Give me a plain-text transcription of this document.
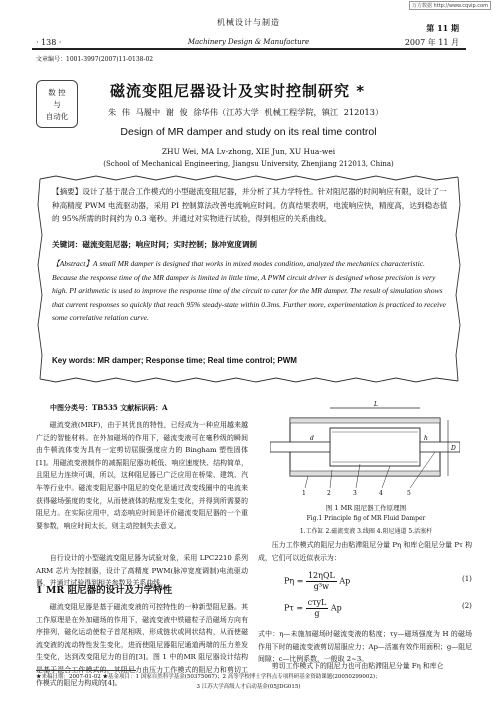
万方数据 http://www.cqvip.com
机械设计与制造
第 11 期
· 138 ·	Machinery Design & Manufacture	2007 年 11 月
文章编号：1001-3997(2007)11-0138-02
数 控
与
自动化
磁流变阻尼器设计及实时控制研究 *
朱 伟 马履中 谢 俊 徐华伟（江苏大学 机械工程学院，镇江 212013）
Design of MR damper and study on its real time control
ZHU Wei, MA Lv-zhong, XIE Jun, XU Hua-wei
(School of Mechanical Engineering, Jiangsu University, Zhenjiang 212013, China)
【摘要】设计了基于混合工作模式的小型磁流变阻尼器，并分析了其力学特性。针对阻尼器的时间响应有限，设计了一种高精度 PWM 电流驱动器，采用 PI 控制算法改善电流响应时间。仿真结果表明，电流响应快，精度高，达到稳态值的 95%所需的时间约为 0.3 毫秒。并通过对实物进行试验，得到相应的关系曲线。
关键词：磁流变阻尼器；响应时间；实时控制；脉冲宽度调制
【Abstract】A small MR damper is designed that works in mixed modes condition, analyzed the mechanics characteristic. Because the response time of the MR damper is limited in little time, A PWM circuit driver is designed whose precision is very high. PI arithmetic is used to improve the response time of the circuit to cater for the MR damper. The result of simulation shows that current responses so quickly that reach 95% steady-state within 0.3ms. Further more, experimentation is practiced to receive some correlative relation curve.
Key words: MR damper; Response time; Real time control; PWM
中图分类号：TB535 文献标识码：A
磁流变液(MRF)，由于其优良的特性，已经成为一种应用越来越广泛的智能材料。在外加磁场的作用下，磁流变液可在毫秒级的瞬间由牛顿流体变为具有一定剪切屈服强度应力的 Bingham 塑性固体[1]。用磁流变液制作的减振阻尼器功耗低、响应速度快、结构简单，且阻尼力连续可调，所以，这种阻尼器已广泛应用在桥梁、建筑、汽车等行业中。磁流变阻尼器中阻尼的变化是通过改变线圈中的电流来获得磁场强度的变化，从而使液体的粘度发生变化，并得到所需要的阻尼力。在实际应用中，动态响应时间是评价磁流变阻尼器的一个重要参数，响应时间太长，则主动控制失去意义。
自行设计的小型磁流变阻尼器为试验对象，采用 LPC2210 系列 ARM 芯片为控制器，设计了高精度 PWM(脉冲宽度调制)电流驱动器，并通过试验得到相关参数及关系曲线。
1 MR 阻尼器的设计及力学特性
磁流变阻尼器是基于磁流变液的可控特性的一种新型阻尼器。其工作原理是在外加磁场的作用下，磁流变液中铁磁粒子沿磁场方向有序排列，磁化运动使粒子首尾相吸，形成链状或网状结构，从而使磁流变液的流动特性发生变化，进而使阻尼器阻尼通道两端的压力差发生变化，达到改变阻尼力的目的[3]。图 1 中的MR 阻尼器设计结构是基于混合工作模式的，其阻尼力由压力工作模式的阻尼力和剪切工作模式的阻尼力构成的[4]。
L
D
h
d
1	2	3	4	5
图 1 MR 阻尼器工作原理图
Fig.1 Principle fig of MR Fluid Damper
1.工作缸 2.磁流变液 3.线圈 4.阻尼通道 5.活塞杆
压力工作模式的阻尼力由粘滞阻尼分量 Pη 和库仑阻尼分量 Pτ 构成，它们可以近似表示为：
$P\eta = \frac{\text{12ηQL}}{\text{g³w}}$ Ap	(1)
$P\tau = \frac{\text{cτyL}}{g}$ Ap	(2)
式中：η—未施加磁场时磁流变液的粘度；τy—磁场强度为 H 的磁场作用下时的磁流变液剪切屈服应力；Ap—活塞有效作用面积；g—阻尼间隙；c—比例系数，一般取 2~3。
剪切工作模式下的阻尼力也可由粘滞阻尼分量 Fη 和库仑
★来稿日期：2007-01-02 ★基金项目：1 国家自然科学基金(50375067)；2 高等学校博士学科点专项科研基金资助课题(20050299002)；
3 江苏大学高级人才启动基金(05JDG015)
